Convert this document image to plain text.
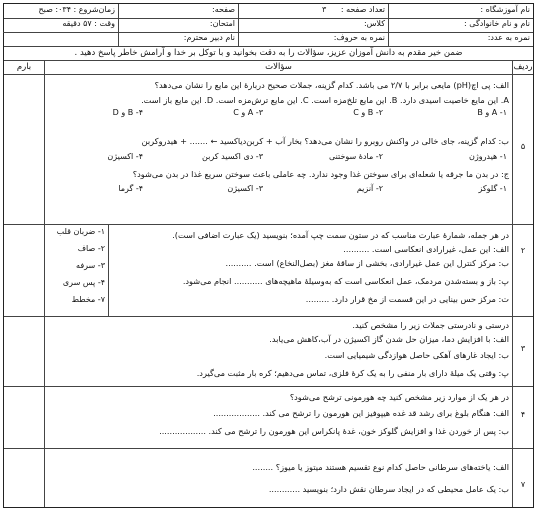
نام آموزشگاه :
تعداد صفحه : ۳
صفحه:
زمان‌شروع : ۰۳۴: صبح
نام و نام خانوادگی :
کلاس:
امتحان:
وقت : ۵۷ دقیقه
نمره به عدد:
نمره به حروف:
نام دبیر محترم:
ضمن خیر مقدم به دانش آموزان عزیز، سؤالات را به دقت بخوانید و با توکل بر خدا و آرامش خاطر پاسخ دهید .
ردیف
سؤالات
بارم
۵
الف: پی اچ(pH) مایعی برابر با ۲/۷ می باشد. کدام گزینه، جملات صحیح دربارۀ این مایع را نشان می‌دهد؟
A. این مایع خاصیت اسیدی دارد. B. این مایع تلخ‌مزه است. C. این مایع ترش‌مزه است. D. این مایع باز است.
۱- A و B
۲- B و C
۳- A و C
۴- B و D
ب: کدام گزینه، جای خالی در واکنش روبرو را نشان می‌دهد؟ بخار آب + کربن‌دیاکسید ← ....... + هیدروکربن
۱- هیدروژن
۲- مادۀ سوختنی
۳- دی اکسید کربن
۴- اکسیژن
ج: در بدن ما جرقه یا شعله‌ای برای سوختن غذا وجود ندارد. چه عاملی باعث سوختن سریع غذا در بدن می‌شود؟
۱- گلوکز
۲- آنزیم
۳- اکسیژن
۴- گرما
۲
در هر جمله، شمارۀ عبارت مناسب که در ستون سمت چپ آمده؛ بنویسید (یک عبارت اضافی است).
الف: این عمل، غیرارادی انعکاسی است. ..........
ب: مرکز کنترل این عمل غیرارادی، بخشی از ساقۀ مغز (بصل‌النخاع) است. ..........
پ: باز و بسته‌شدن مردمک، عمل انعکاسی است که به‌وسیلۀ ماهیچه‌های ........... انجام می‌شود.
ت: مرکز حس بینایی در این قسمت از مخ قرار دارد. .........
۱- ضربان قلب
۲- صاف
۳- سرفه
۴- پس سری
۷- مخطط
۳
درستی و نادرستی جملات زیر را مشخص کنید.
الف: با افزایش دما، میزان حل شدن گاز اکسیژن در آب،کاهش می‌یابد.
ب: ایجاد غارهای آهکی حاصل هوازدگی شیمیایی است.
پ: وقتی یک میلۀ دارای بار منفی را به یک کرۀ فلزی، تماس می‌دهیم؛ کره بار مثبت می‌گیرد.
۴
در هر یک از موارد زیر مشخص کنید چه هورمونی ترشح می‌شود؟
الف: هنگام بلوغ برای رشد قد غده هیپوفیز این هورمون را ترشح می کند. ..................
ب: پس از خوردن غذا و افزایش گلوکز خون، غدۀ پانکراس این هورمون را ترشح می کند. ..................
۷
الف: یاخته‌های سرطانی حاصل کدام نوع تقسیم هستند میتوز یا میوز؟ ........
ب: یک عامل محیطی که در ایجاد سرطان نقش دارد؛ بنویسید ............
